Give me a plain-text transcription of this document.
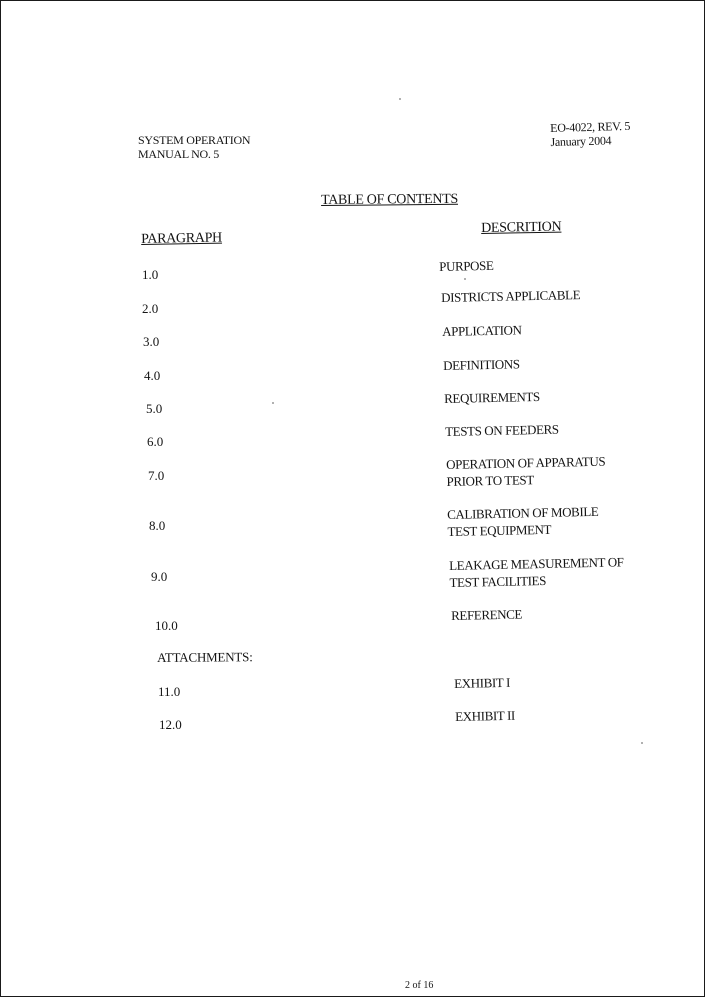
SYSTEM OPERATION
MANUAL NO. 5
EO-4022, REV. 5
January 2004
TABLE OF CONTENTS
PARAGRAPH
DESCRITION
1.0
PURPOSE
2.0
DISTRICTS APPLICABLE
3.0
APPLICATION
4.0
DEFINITIONS
5.0
REQUIREMENTS
6.0
TESTS ON FEEDERS
7.0
OPERATION OF APPARATUS
PRIOR TO TEST
8.0
CALIBRATION OF MOBILE
TEST EQUIPMENT
9.0
LEAKAGE MEASUREMENT OF
TEST FACILITIES
10.0
REFERENCE
ATTACHMENTS:
11.0
EXHIBIT I
12.0
EXHIBIT II
2 of 16
